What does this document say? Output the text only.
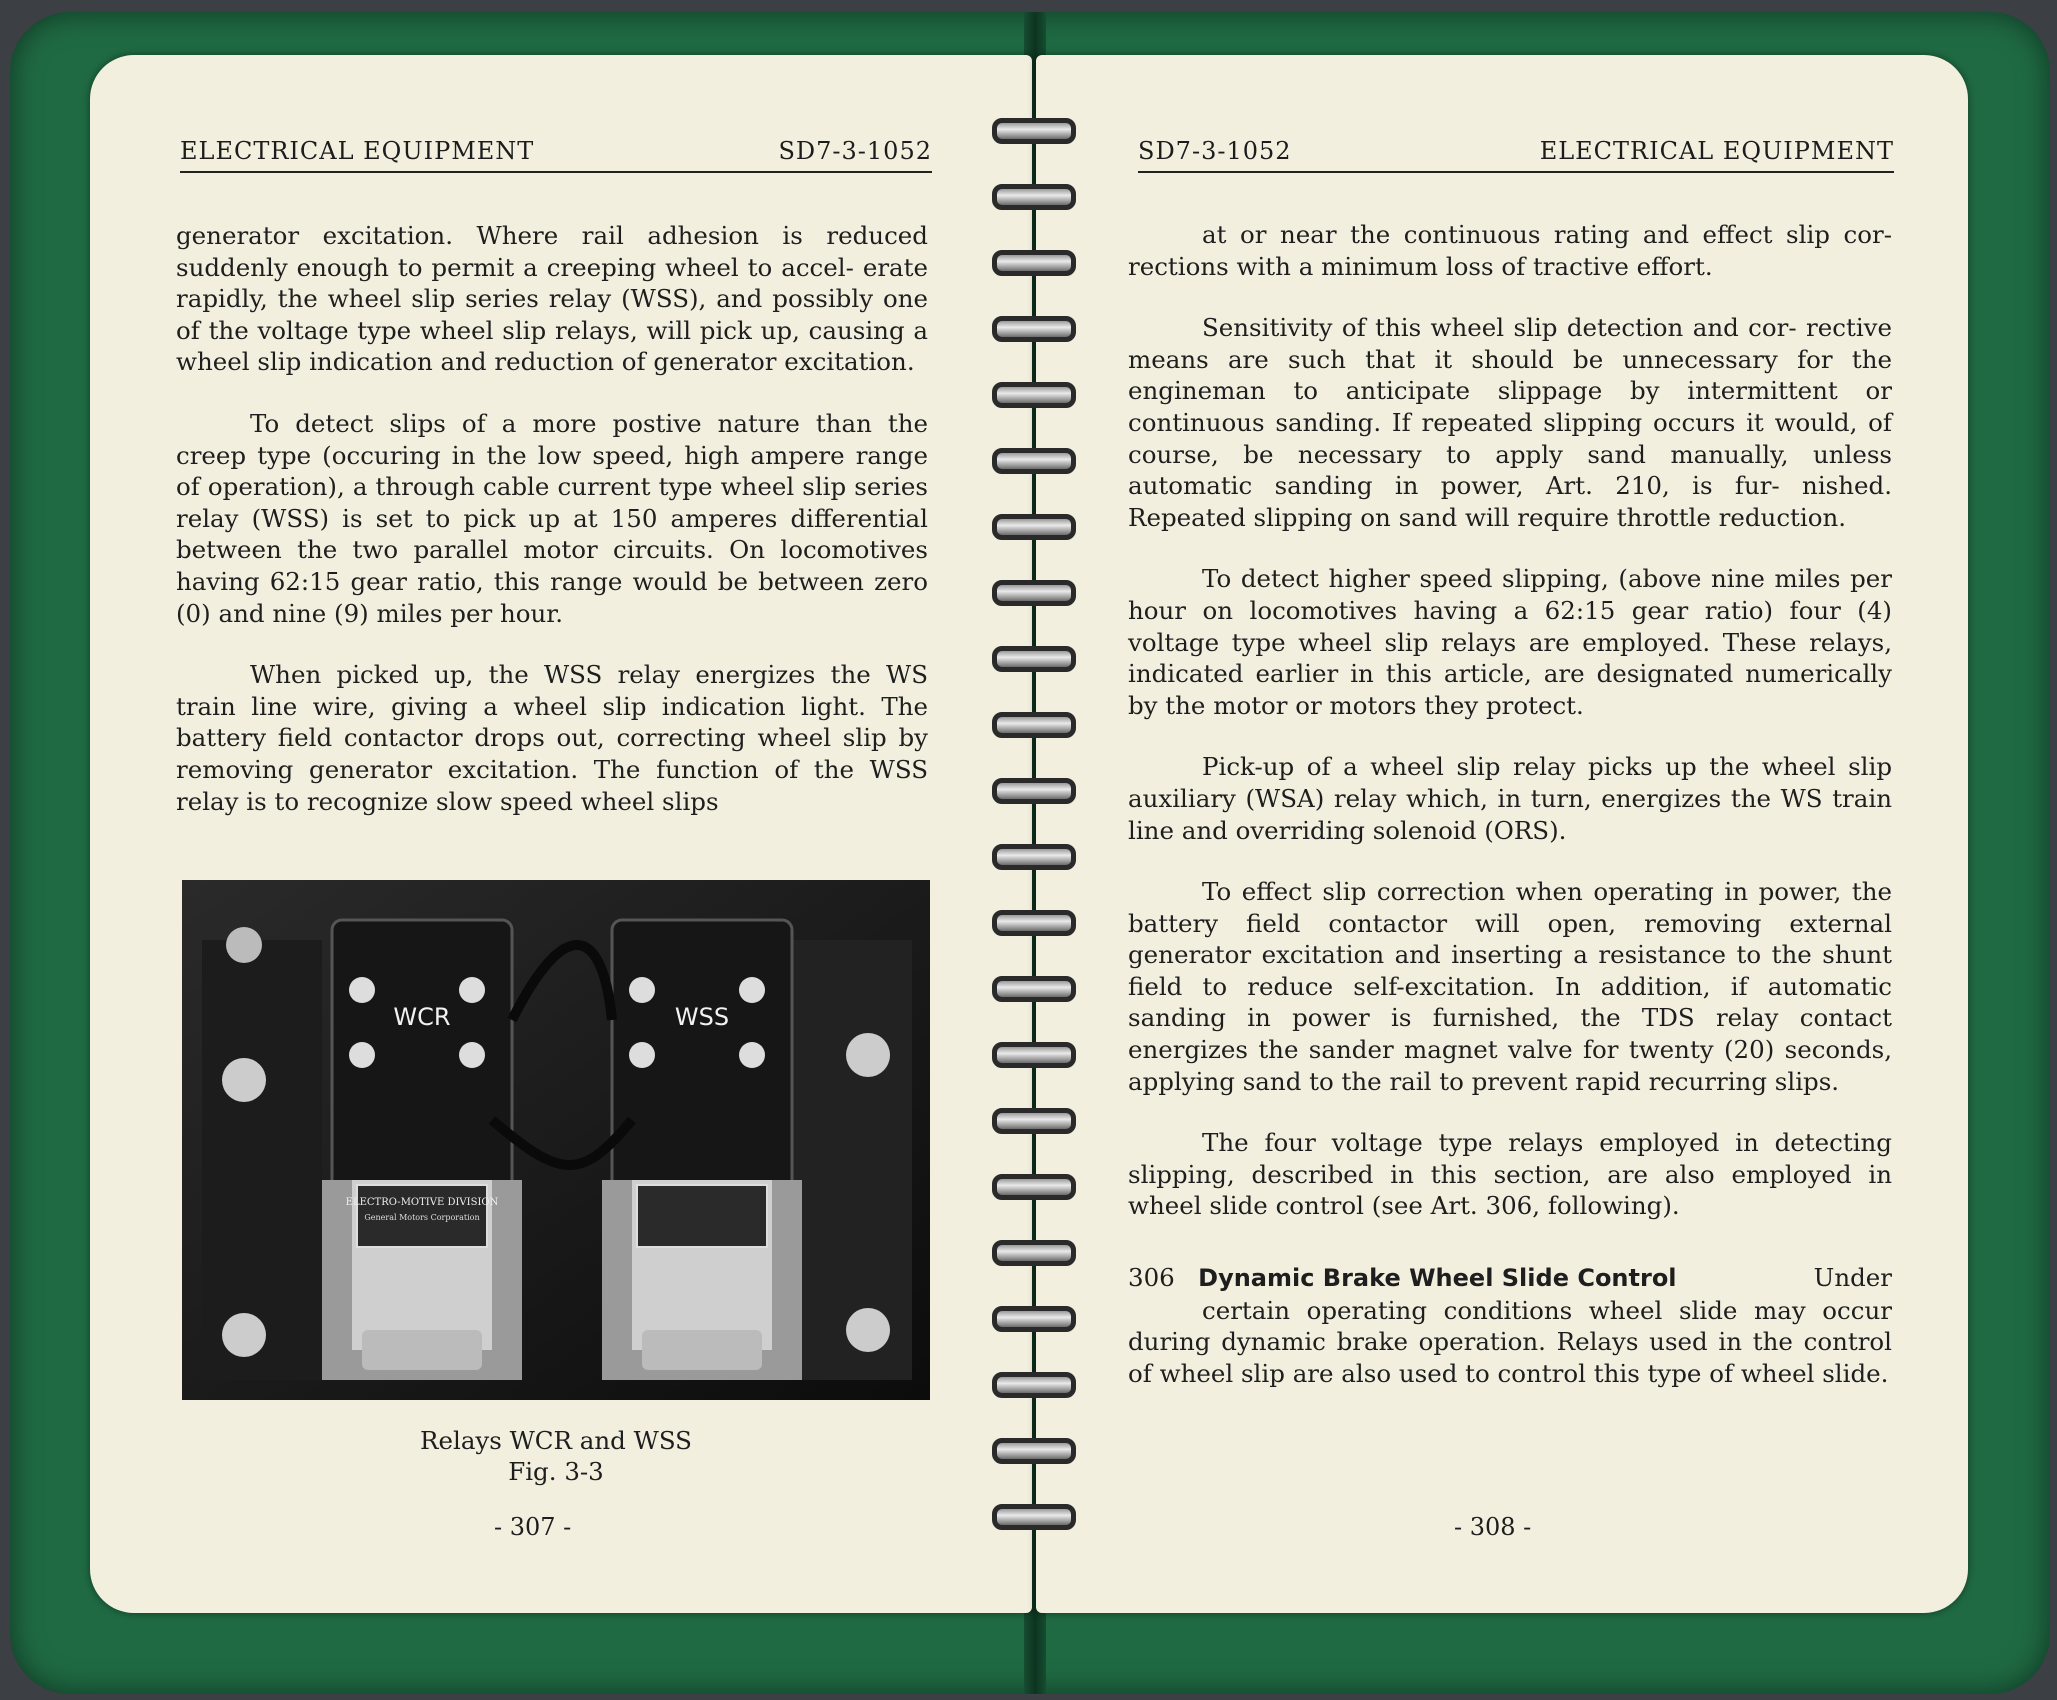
ELECTRICAL EQUIPMENT	SD7-3-1052

generator excitation. Where rail adhesion is reduced suddenly enough to permit a creeping wheel to accel- erate rapidly, the wheel slip series relay (WSS), and possibly one of the voltage type wheel slip relays, will pick up, causing a wheel slip indication and reduction of generator excitation.

To detect slips of a more postive nature than the creep type (occuring in the low speed, high ampere range of operation), a through cable current type wheel slip series relay (WSS) is set to pick up at 150 amperes differential between the two parallel motor circuits. On locomotives having 62:15 gear ratio, this range would be between zero (0) and nine (9) miles per hour.

When picked up, the WSS relay energizes the WS train line wire, giving a wheel slip indication light. The battery field contactor drops out, correcting wheel slip by removing generator excitation. The function of the WSS relay is to recognize slow speed wheel slips

ELECTRO-MOTIVE DIVISION
General Motors Corporation
WCR	WSS
Relays WCR and WSS
Fig. 3-3
- 307 -
SD7-3-1052	ELECTRICAL EQUIPMENT

at or near the continuous rating and effect slip cor- rections with a minimum loss of tractive effort.

Sensitivity of this wheel slip detection and cor- rective means are such that it should be unnecessary for the engineman to anticipate slippage by intermittent or continuous sanding. If repeated slipping occurs it would, of course, be necessary to apply sand manually, unless automatic sanding in power, Art. 210, is fur- nished. Repeated slipping on sand will require throttle reduction.

To detect higher speed slipping, (above nine miles per hour on locomotives having a 62:15 gear ratio) four (4) voltage type wheel slip relays are employed. These relays, indicated earlier in this article, are designated numerically by the motor or motors they protect.

Pick-up of a wheel slip relay picks up the wheel slip auxiliary (WSA) relay which, in turn, energizes the WS train line and overriding solenoid (ORS).

To effect slip correction when operating in power, the battery field contactor will open, removing external generator excitation and inserting a resistance to the shunt field to reduce self-excitation. In addition, if automatic sanding in power is furnished, the TDS relay contact energizes the sander magnet valve for twenty (20) seconds, applying sand to the rail to prevent rapid recurring slips.

The four voltage type relays employed in detecting slipping, described in this section, are also employed in wheel slide control (see Art. 306, following).

306 Dynamic Brake Wheel Slide Control	Under

certain operating conditions wheel slide may occur during dynamic brake operation. Relays used in the control of wheel slip are also used to control this type of wheel slide.

- 308 -
